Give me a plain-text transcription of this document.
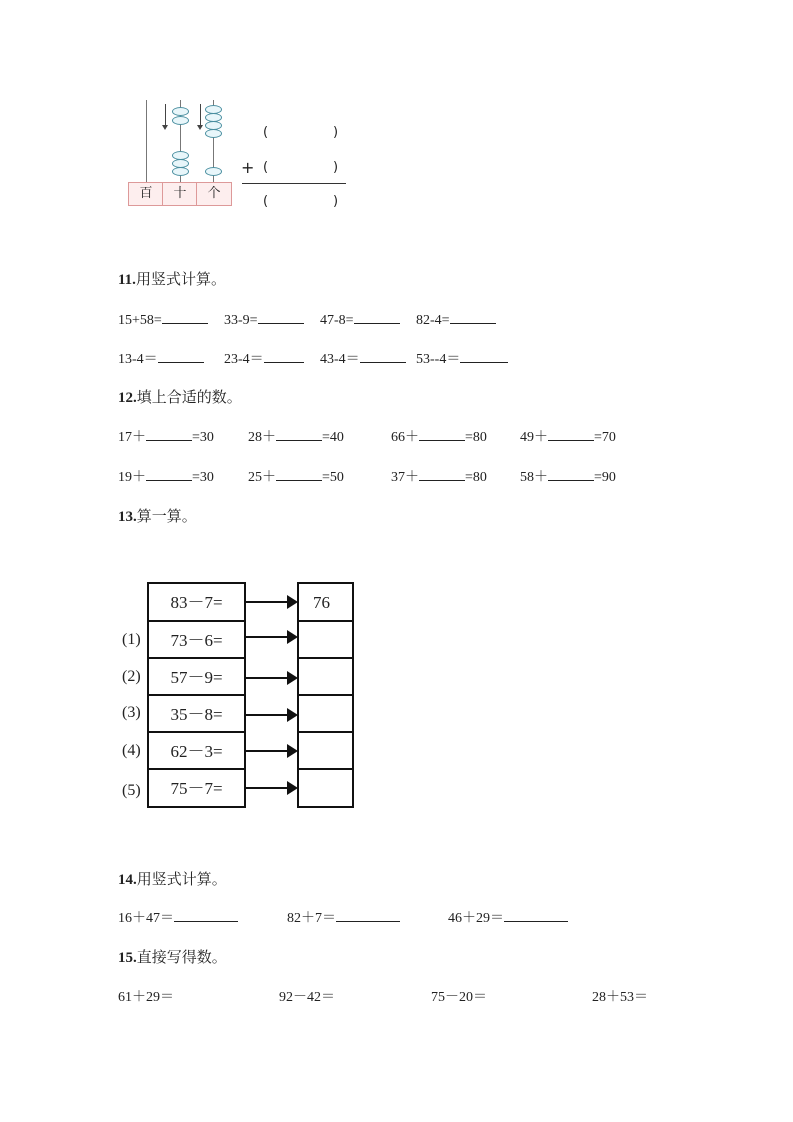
百	十	个
(	)
+ (	)
(	)
11.用竖式计算。
15+58=	33-9=	47-8=	82-4=
13-4＝	23-4＝	43-4＝	53--4＝
12.填上合适的数。
17＋	=30 28＋	=40	66＋	=80 49＋	=70
19＋	=30 25＋	=50	37＋	=80 58＋	=90
13.算一算。
83－7=	76
(1)	73－6=
(2)	57－9=
(3)	35－8=
(4)	62－3=
(5)	75－7=
14.用竖式计算。
16＋47＝	82＋7＝	46＋29＝
15.直接写得数。
61＋29＝	92－42＝	75－20＝	28＋53＝
